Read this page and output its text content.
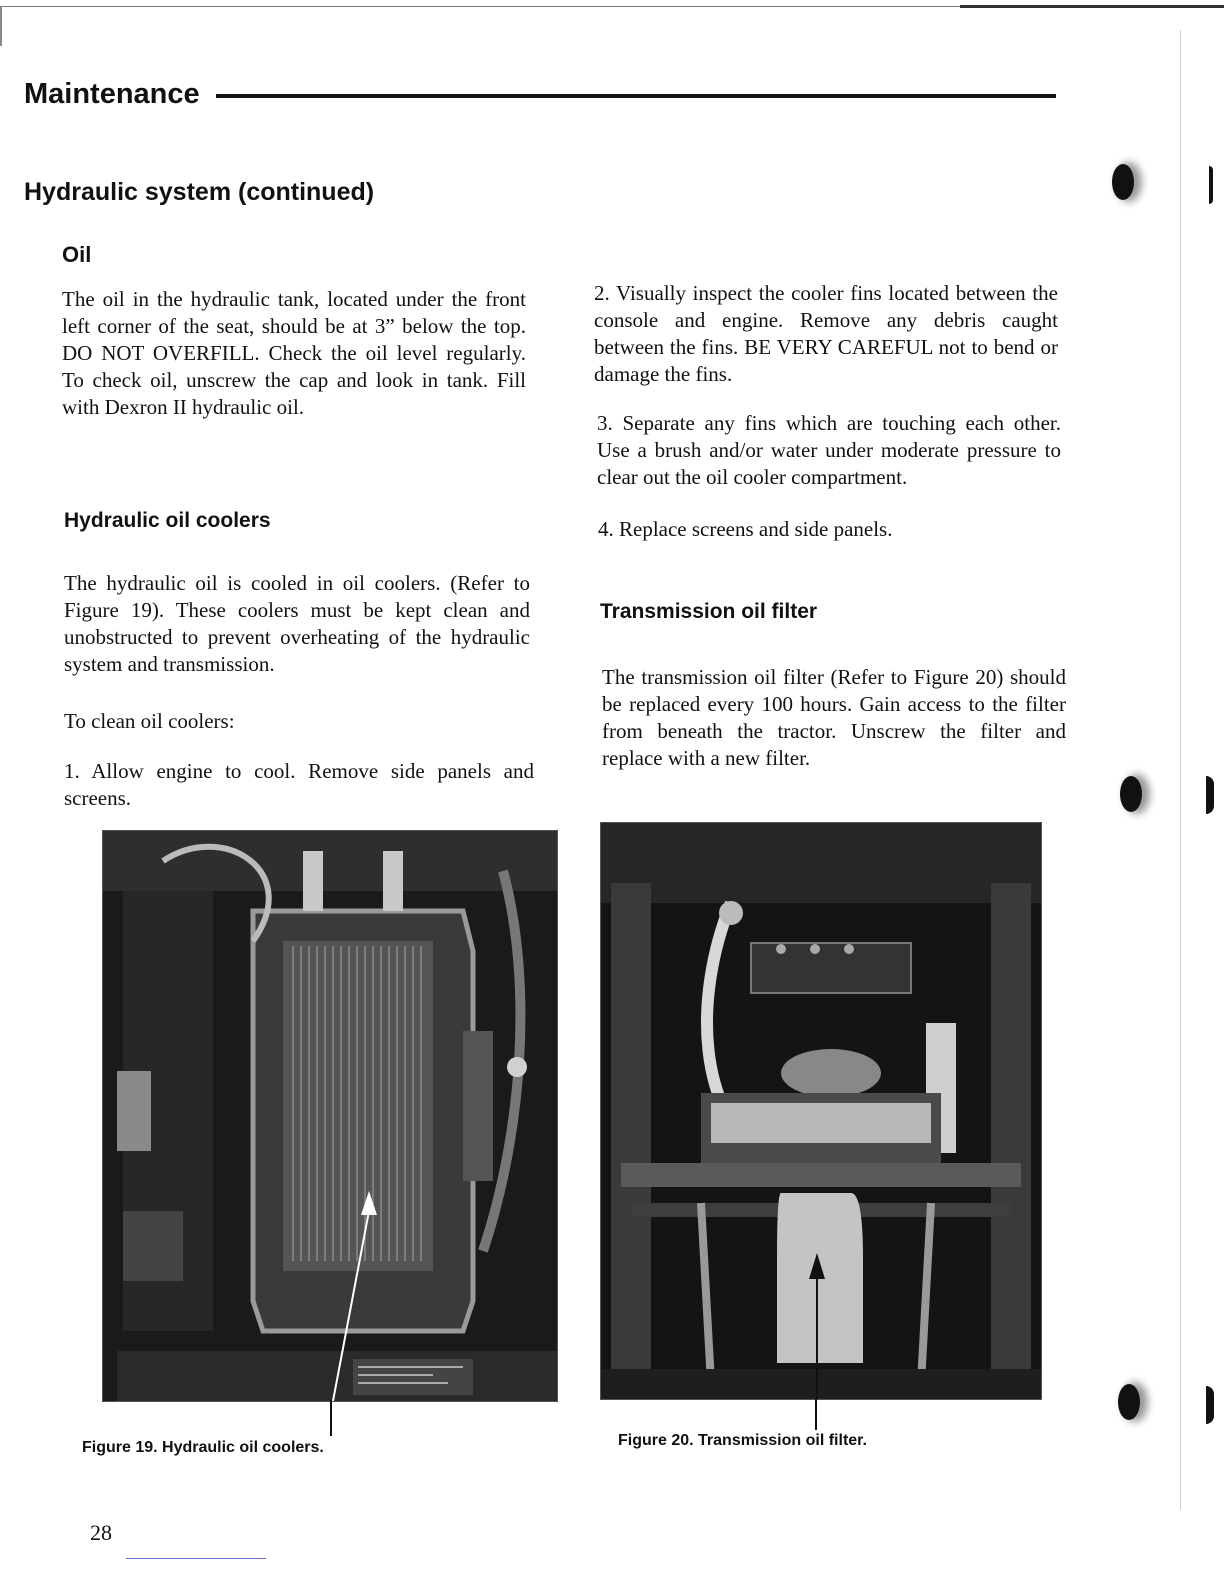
Maintenance
Hydraulic system (continued)
Oil

The oil in the hydraulic tank, located under the front left corner of the seat, should be at 3” below the top. DO NOT OVERFILL. Check the oil level regularly. To check oil, unscrew the cap and look in tank. Fill with Dexron II hydraulic oil.

Hydraulic oil coolers

The hydraulic oil is cooled in oil coolers. (Refer to Figure 19). These coolers must be kept clean and unobstructed to prevent overheating of the hydraulic system and transmission.

To clean oil coolers:

1. Allow engine to cool. Remove side panels and screens.

2. Visually inspect the cooler fins located between the console and engine. Remove any debris caught between the fins. BE VERY CAREFUL not to bend or damage the fins.

3. Separate any fins which are touching each other. Use a brush and/or water under moderate pressure to clear out the oil cooler compartment.

4. Replace screens and side panels.

Transmission oil filter

The transmission oil filter (Refer to Figure 20) should be replaced every 100 hours. Gain access to the filter from beneath the tractor. Unscrew the filter and replace with a new filter.

Figure 19. Hydraulic oil coolers.	Figure 20. Transmission oil filter.
28
